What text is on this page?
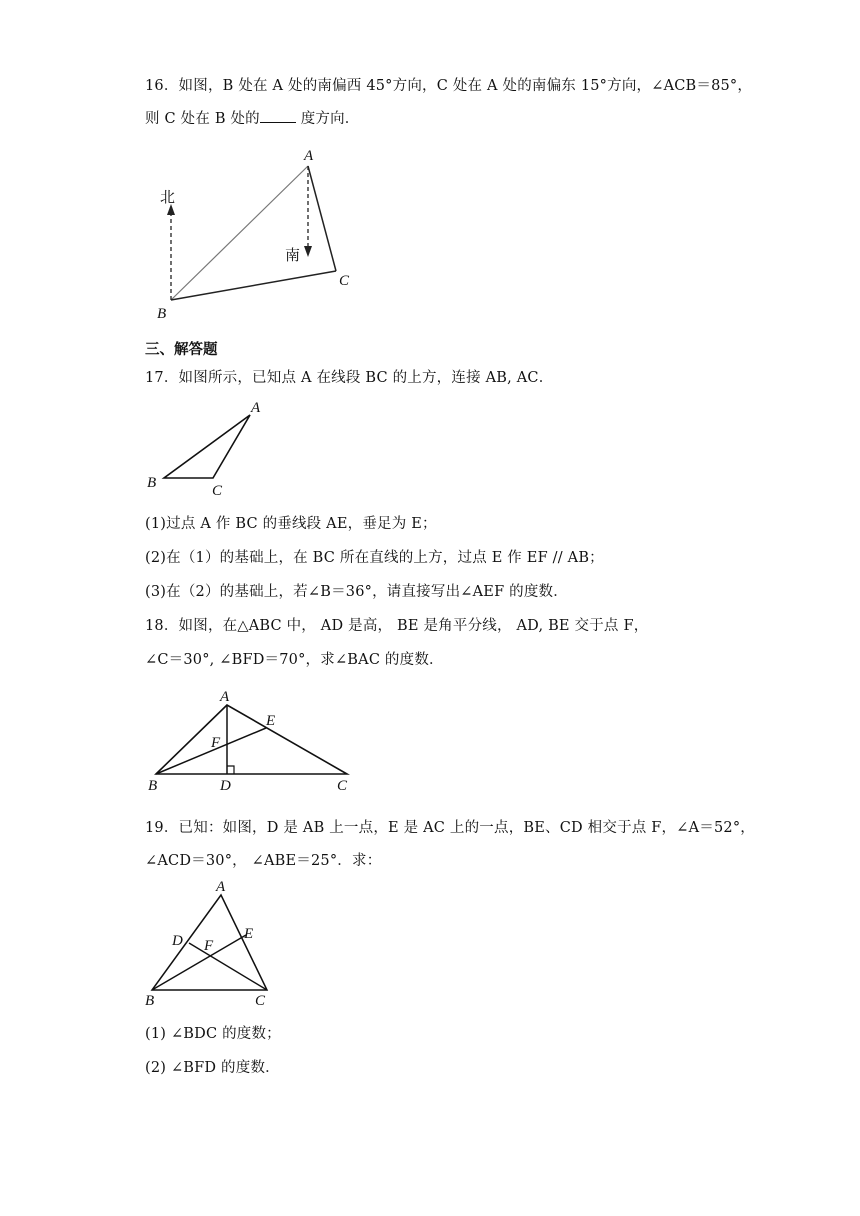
16．如图，B 处在 A 处的南偏西 45°方向，C 处在 A 处的南偏东 15°方向，∠ACB＝85°，
则 C 处在 B 处的 度方向．
A
B
C
北
南
三、解答题
17．如图所示，已知点 A 在线段 BC 的上方，连接 AB, AC．
A
B	C
(1)过点 A 作 BC 的垂线段 AE，垂足为 E；
(2)在（1）的基础上，在 BC 所在直线的上方，过点 E 作 EF // AB；
(3)在（2）的基础上，若∠B＝36°，请直接写出∠AEF 的度数．
18．如图，在△ABC 中， AD 是高， BE 是角平分线， AD, BE 交于点 F，
∠C＝30°, ∠BFD＝70°，求∠BAC 的度数．
A
B	C
D
E
F
19．已知：如图，D 是 AB 上一点，E 是 AC 上的一点，BE、CD 相交于点 F，∠A＝52°，
∠ACD＝30°， ∠ABE＝25°．求：
A
B	C
D	E
F
(1) ∠BDC 的度数；
(2) ∠BFD 的度数．
